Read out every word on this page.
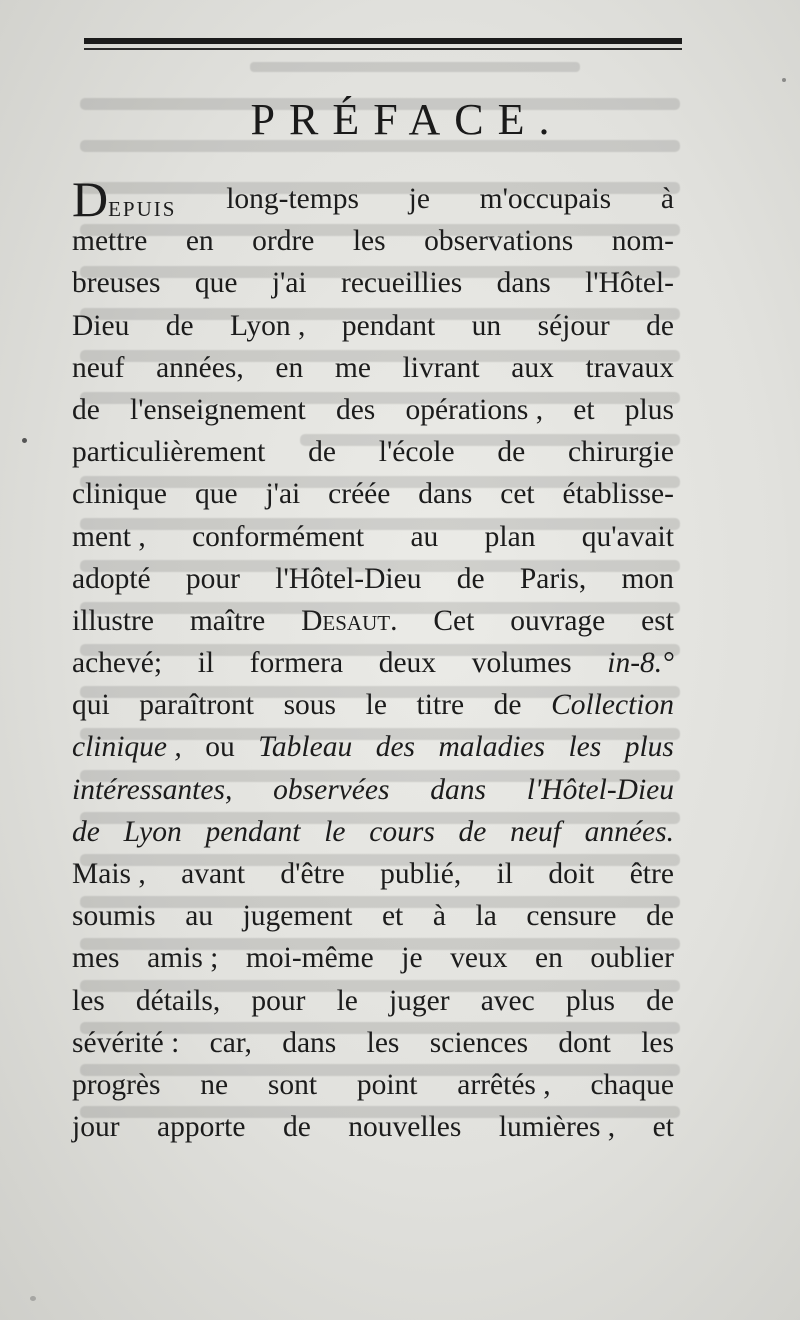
PRÉFACE.
Depuis long-temps je m'occupais à
mettre en ordre les observations nom-
breuses que j'ai recueillies dans l'Hôtel-
Dieu de Lyon , pendant un séjour de
neuf années, en me livrant aux travaux
de l'enseignement des opérations , et plus
particulièrement de l'école de chirurgie
clinique que j'ai créée dans cet établisse-
ment , conformément au plan qu'avait
adopté pour l'Hôtel-Dieu de Paris, mon
illustre maître Desaut. Cet ouvrage est
achevé; il formera deux volumes in-8.°
qui paraîtront sous le titre de Collection
clinique , ou Tableau des maladies les plus
intéressantes, observées dans l'Hôtel-Dieu
de Lyon pendant le cours de neuf années.
Mais , avant d'être publié, il doit être
soumis au jugement et à la censure de
mes amis ; moi-même je veux en oublier
les détails, pour le juger avec plus de
sévérité : car, dans les sciences dont les
progrès ne sont point arrêtés , chaque
jour apporte de nouvelles lumières , et
